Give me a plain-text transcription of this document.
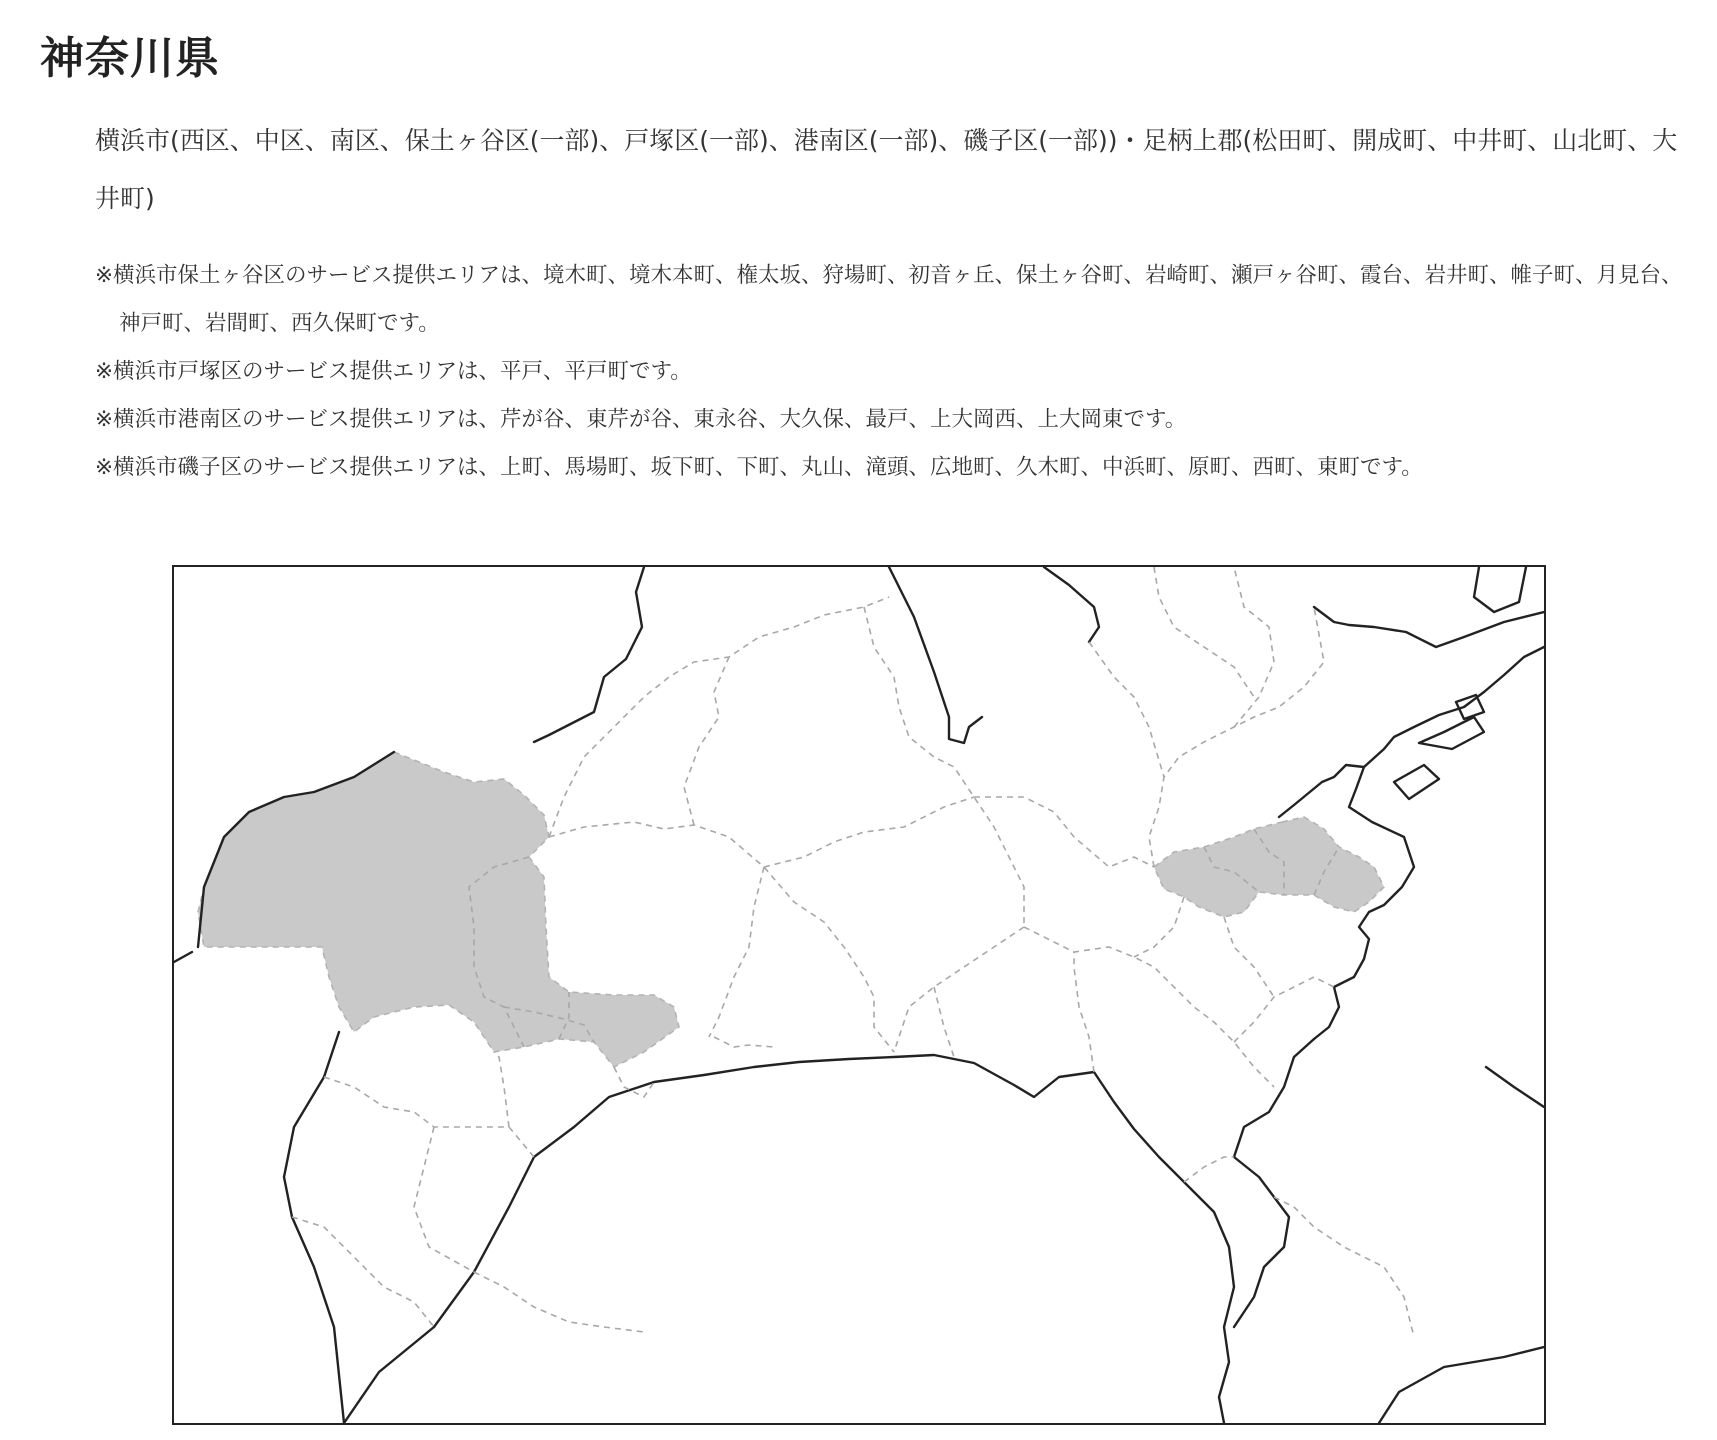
神奈川県

横浜市(西区、中区、南区、保土ヶ谷区(一部)、戸塚区(一部)、港南区(一部)、磯子区(一部))・足柄上郡(松田町、開成町、中井町、山北町、大井町)

※横浜市保土ヶ谷区のサービス提供エリアは、境木町、境木本町、権太坂、狩場町、初音ヶ丘、保土ヶ谷町、岩崎町、瀬戸ヶ谷町、霞台、岩井町、帷子町、月見台、神戸町、岩間町、西久保町です。
※横浜市戸塚区のサービス提供エリアは、平戸、平戸町です。
※横浜市港南区のサービス提供エリアは、芹が谷、東芹が谷、東永谷、大久保、最戸、上大岡西、上大岡東です。
※横浜市磯子区のサービス提供エリアは、上町、馬場町、坂下町、下町、丸山、滝頭、広地町、久木町、中浜町、原町、西町、東町です。
